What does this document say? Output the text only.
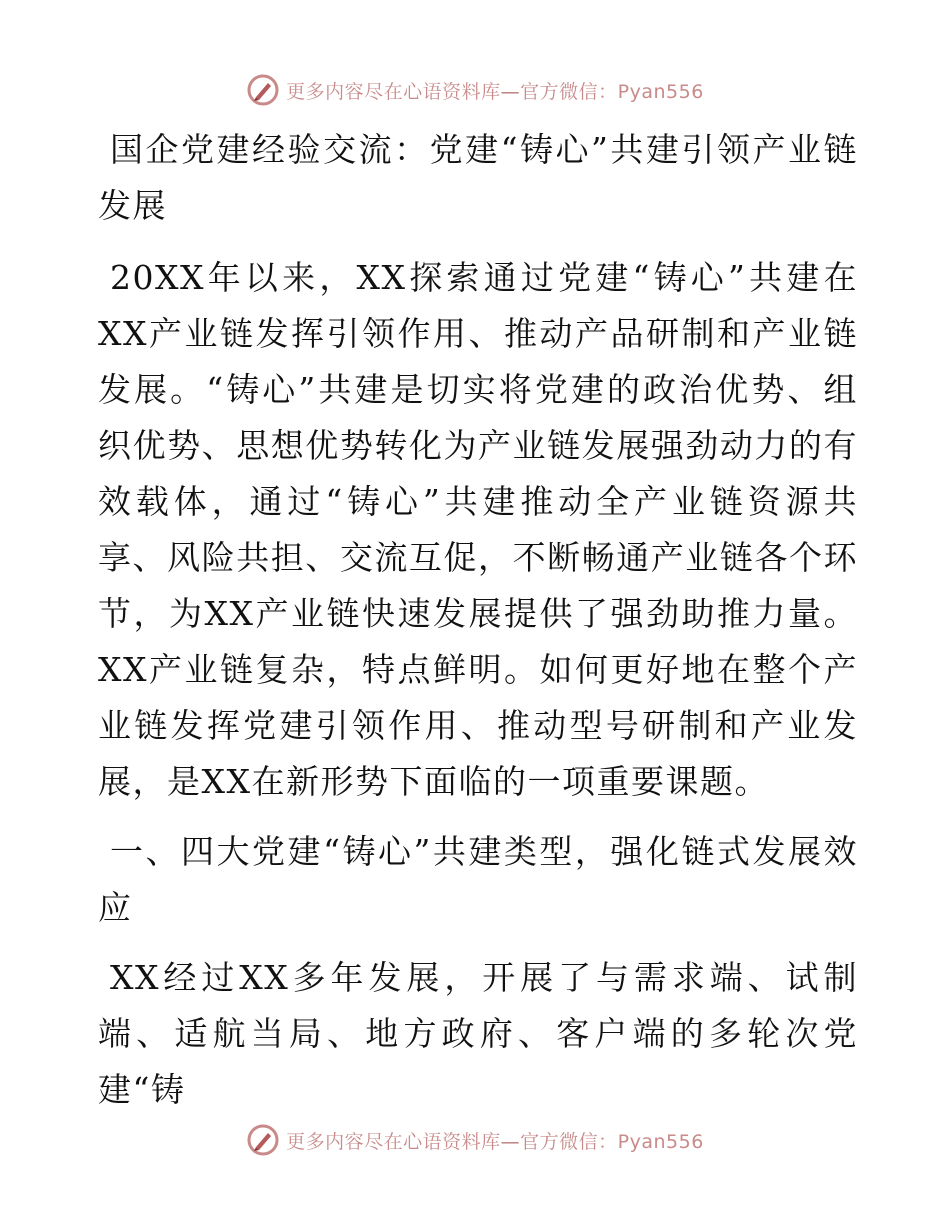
更多内容尽在心语资料库—官方微信：Pyan556

国企党建经验交流：党建“铸心”共建引领产业链发展

20XX年以来，XX探索通过党建“铸心”共建在XX产业链发挥引领作用、推动产品研制和产业链发展。“铸心”共建是切实将党建的政治优势、组织优势、思想优势转化为产业链发展强劲动力的有效载体，通过“铸心”共建推动全产业链资源共享、风险共担、交流互促，不断畅通产业链各个环节，为XX产业链快速发展提供了强劲助推力量。XX产业链复杂，特点鲜明。如何更好地在整个产业链发挥党建引领作用、推动型号研制和产业发展，是XX在新形势下面临的一项重要课题。

一、四大党建“铸心”共建类型，强化链式发展效应

XX经过XX多年发展，开展了与需求端、试制端、适航当局、地方政府、客户端的多轮次党建“铸

更多内容尽在心语资料库—官方微信：Pyan556
